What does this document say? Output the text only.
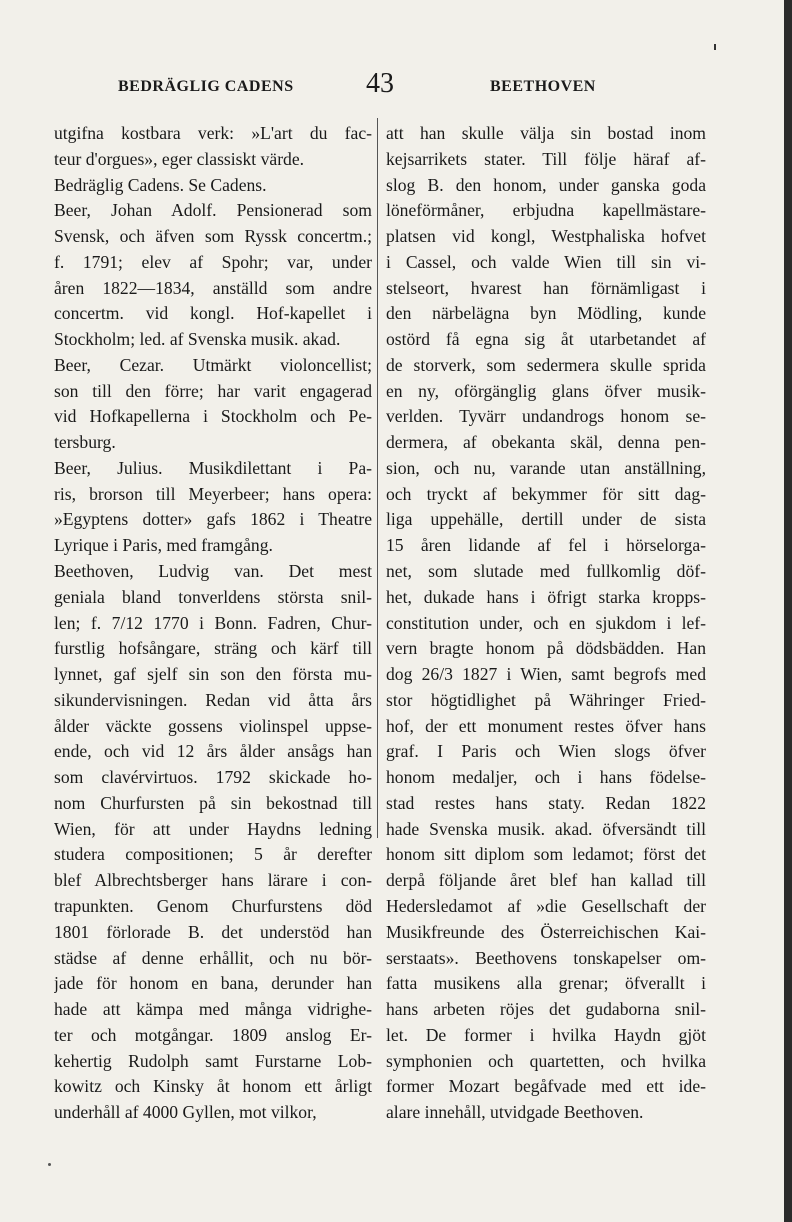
BEDRÄGLIG CADENS	43	BEETHOVEN
utgifna kostbara verk: »L'art du fac-
teur d'orgues», eger classiskt värde.
Bedräglig Cadens. Se Cadens.
Beer, Johan Adolf. Pensionerad som
Svensk, och äfven som Ryssk concertm.;
f. 1791; elev af Spohr; var, under
åren 1822—1834, anställd som andre
concertm. vid kongl. Hof-kapellet i
Stockholm; led. af Svenska musik. akad.
Beer, Cezar. Utmärkt violoncellist;
son till den förre; har varit engagerad
vid Hofkapellerna i Stockholm och Pe-
tersburg.
Beer, Julius. Musikdilettant i Pa-
ris, brorson till Meyerbeer; hans opera:
»Egyptens dotter» gafs 1862 i Theatre
Lyrique i Paris, med framgång.
Beethoven, Ludvig van. Det mest
geniala bland tonverldens största snil-
len; f. 7/12 1770 i Bonn. Fadren, Chur-
furstlig hofsångare, sträng och kärf till
lynnet, gaf sjelf sin son den första mu-
sikundervisningen. Redan vid åtta års
ålder väckte gossens violinspel uppse-
ende, och vid 12 års ålder ansågs han
som clavérvirtuos. 1792 skickade ho-
nom Churfursten på sin bekostnad till
Wien, för att under Haydns ledning
studera compositionen; 5 år derefter
blef Albrechtsberger hans lärare i con-
trapunkten. Genom Churfurstens död
1801 förlorade B. det understöd han
städse af denne erhållit, och nu bör-
jade för honom en bana, derunder han
hade att kämpa med många vidrighe-
ter och motgångar. 1809 anslog Er-
kehertig Rudolph samt Furstarne Lob-
kowitz och Kinsky åt honom ett årligt
underhåll af 4000 Gyllen, mot vilkor,
att han skulle välja sin bostad inom
kejsarrikets stater. Till följe häraf af-
slog B. den honom, under ganska goda
löneförmåner, erbjudna kapellmästare-
platsen vid kongl, Westphaliska hofvet
i Cassel, och valde Wien till sin vi-
stelseort, hvarest han förnämligast i
den närbelägna byn Mödling, kunde
ostörd få egna sig åt utarbetandet af
de storverk, som sedermera skulle sprida
en ny, oförgänglig glans öfver musik-
verlden. Tyvärr undandrogs honom se-
dermera, af obekanta skäl, denna pen-
sion, och nu, varande utan anställning,
och tryckt af bekymmer för sitt dag-
liga uppehälle, dertill under de sista
15 åren lidande af fel i hörselorga-
net, som slutade med fullkomlig döf-
het, dukade hans i öfrigt starka kropps-
constitution under, och en sjukdom i lef-
vern bragte honom på dödsbädden. Han
dog 26/3 1827 i Wien, samt begrofs med
stor högtidlighet på Währinger Fried-
hof, der ett monument restes öfver hans
graf. I Paris och Wien slogs öfver
honom medaljer, och i hans födelse-
stad restes hans staty. Redan 1822
hade Svenska musik. akad. öfversändt till
honom sitt diplom som ledamot; först det
derpå följande året blef han kallad till
Hedersledamot af »die Gesellschaft der
Musikfreunde des Österreichischen Kai-
serstaats». Beethovens tonskapelser om-
fatta musikens alla grenar; öfverallt i
hans arbeten röjes det gudaborna snil-
let. De former i hvilka Haydn gjöt
symphonien och quartetten, och hvilka
former Mozart begåfvade med ett ide-
alare innehåll, utvidgade Beethoven.
